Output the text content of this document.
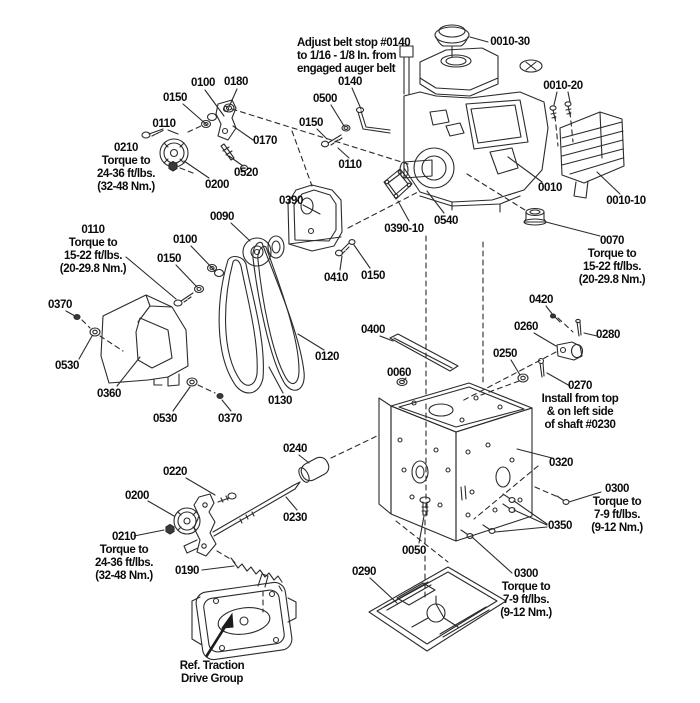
0100 0180
0150
0110
0170
0520
0200
0500
0150
0110
0140
0010-30
0010-20
0010
0010-10
0540
0390-10
0390
0090
0100
0150
0410 0150
0370
0530
0360
0530	0370
0130
0120
0400
0060
0420
0260
0280
0250
0320
0350
0050
0240
0220
0200
0230
0190	0290
Adjust belt stop #0140
to 1/16 - 1/8 In. from
engaged auger belt
0210
Torque to
24-36 ft/lbs.
(32-48 Nm.)
0110
Torque to
15-22 ft/lbs.
(20-29.8 Nm.)
0070
Torque to
15-22 ft/lbs.
(20-29.8 Nm.)
0270
Install from top
& on left side
of shaft #0230
0300
Torque to
7-9 ft/lbs.
(9-12 Nm.)
0300
Torque to
7-9 ft/lbs.
(9-12 Nm.)
0210
Torque to
24-36 ft/lbs.
(32-48 Nm.)
Ref. Traction
Drive Group
